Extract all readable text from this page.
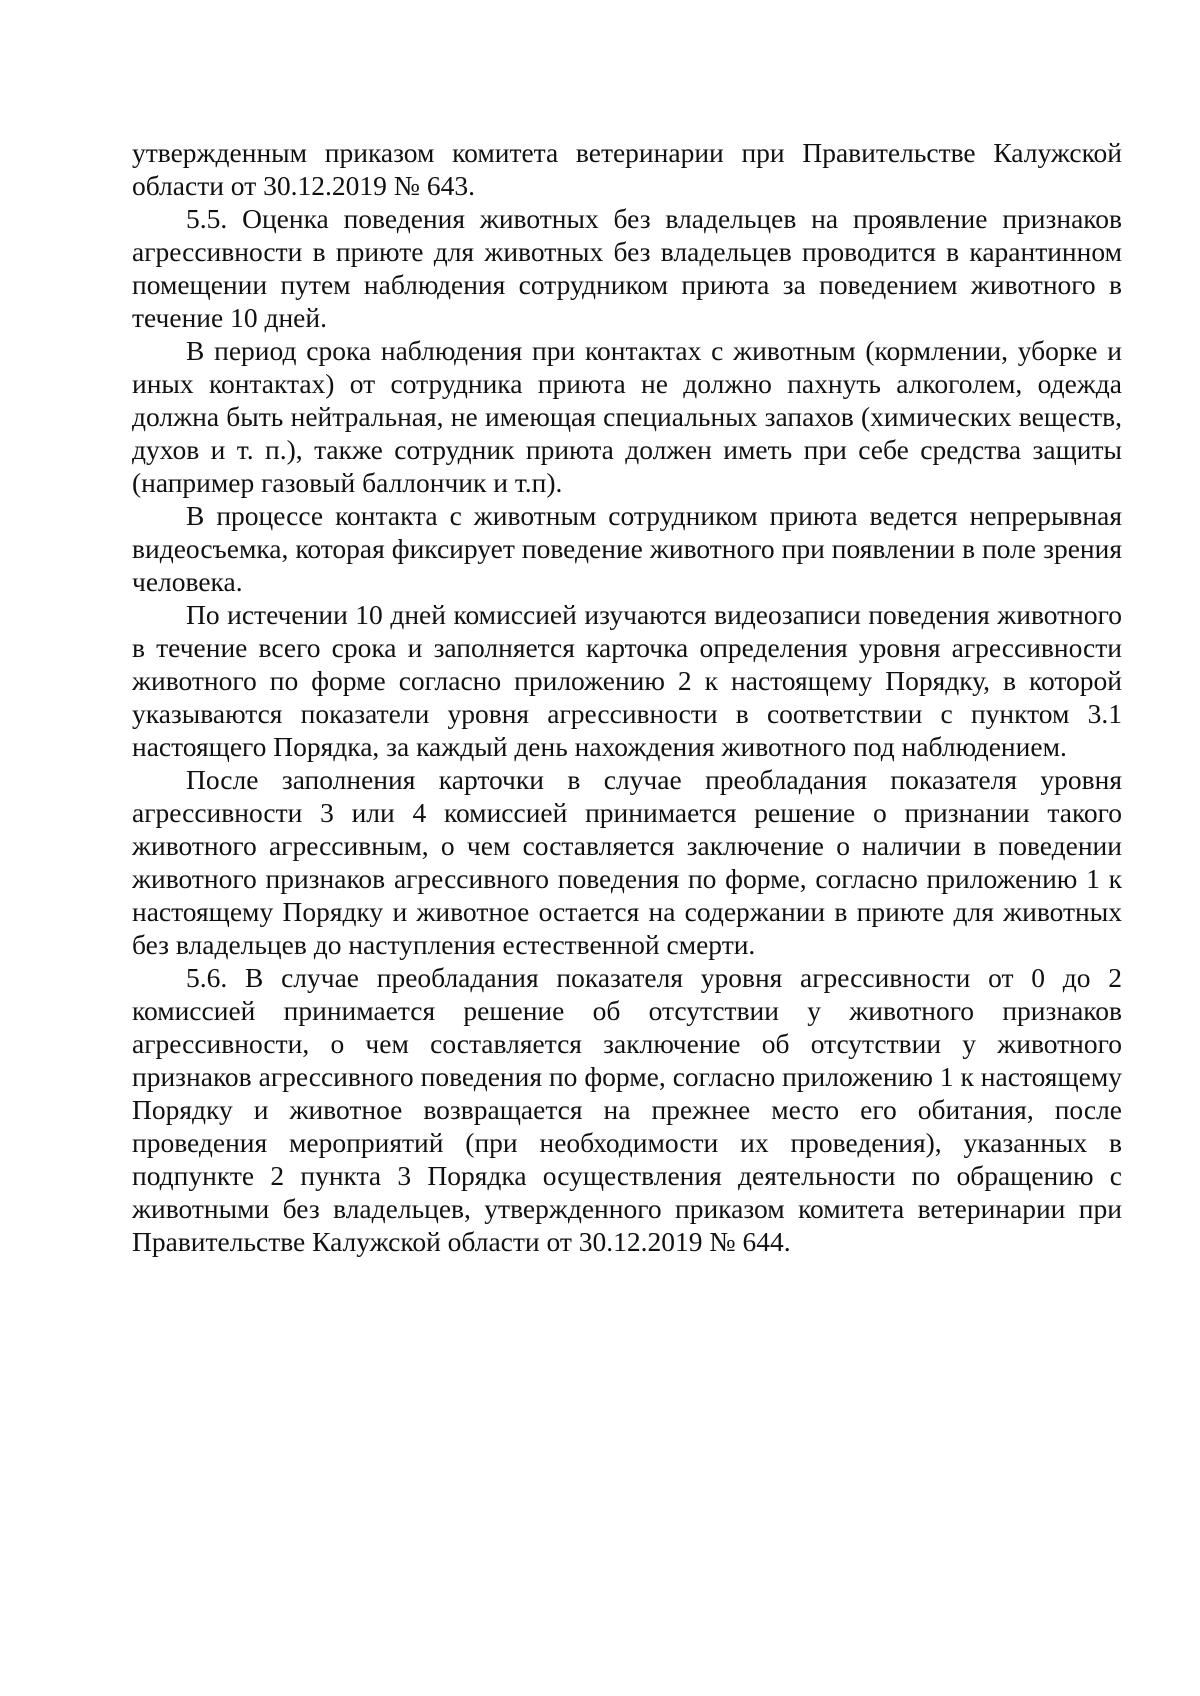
утвержденным приказом комитета ветеринарии при Правительстве Калужской области от 30.12.2019 № 643.

5.5. Оценка поведения животных без владельцев на проявление признаков агрессивности в приюте для животных без владельцев проводится в карантинном помещении путем наблюдения сотрудником приюта за поведением животного в течение 10 дней.

В период срока наблюдения при контактах с животным (кормлении, уборке и иных контактах) от сотрудника приюта не должно пахнуть алкоголем, одежда должна быть нейтральная, не имеющая специальных запахов (химических веществ, духов и т. п.), также сотрудник приюта должен иметь при себе средства защиты (например газовый баллончик и т.п).

В процессе контакта с животным сотрудником приюта ведется непрерывная видеосъемка, которая фиксирует поведение животного при появлении в поле зрения человека.

По истечении 10 дней комиссией изучаются видеозаписи поведения животного в течение всего срока и заполняется карточка определения уровня агрессивности животного по форме согласно приложению 2 к настоящему Порядку, в которой указываются показатели уровня агрессивности в соответствии с пунктом 3.1 настоящего Порядка, за каждый день нахождения животного под наблюдением.

После заполнения карточки в случае преобладания показателя уровня агрессивности 3 или 4 комиссией принимается решение о признании такого животного агрессивным, о чем составляется заключение о наличии в поведении животного признаков агрессивного поведения по форме, согласно приложению 1 к настоящему Порядку и животное остается на содержании в приюте для животных без владельцев до наступления естественной смерти.

5.6. В случае преобладания показателя уровня агрессивности от 0 до 2 комиссией принимается решение об отсутствии у животного признаков агрессивности, о чем составляется заключение об отсутствии у животного признаков агрессивного поведения по форме, согласно приложению 1 к настоящему Порядку и животное возвращается на прежнее место его обитания, после проведения мероприятий (при необходимости их проведения), указанных в подпункте 2 пункта 3 Порядка осуществления деятельности по обращению с животными без владельцев, утвержденного приказом комитета ветеринарии при Правительстве Калужской области от 30.12.2019 № 644.
